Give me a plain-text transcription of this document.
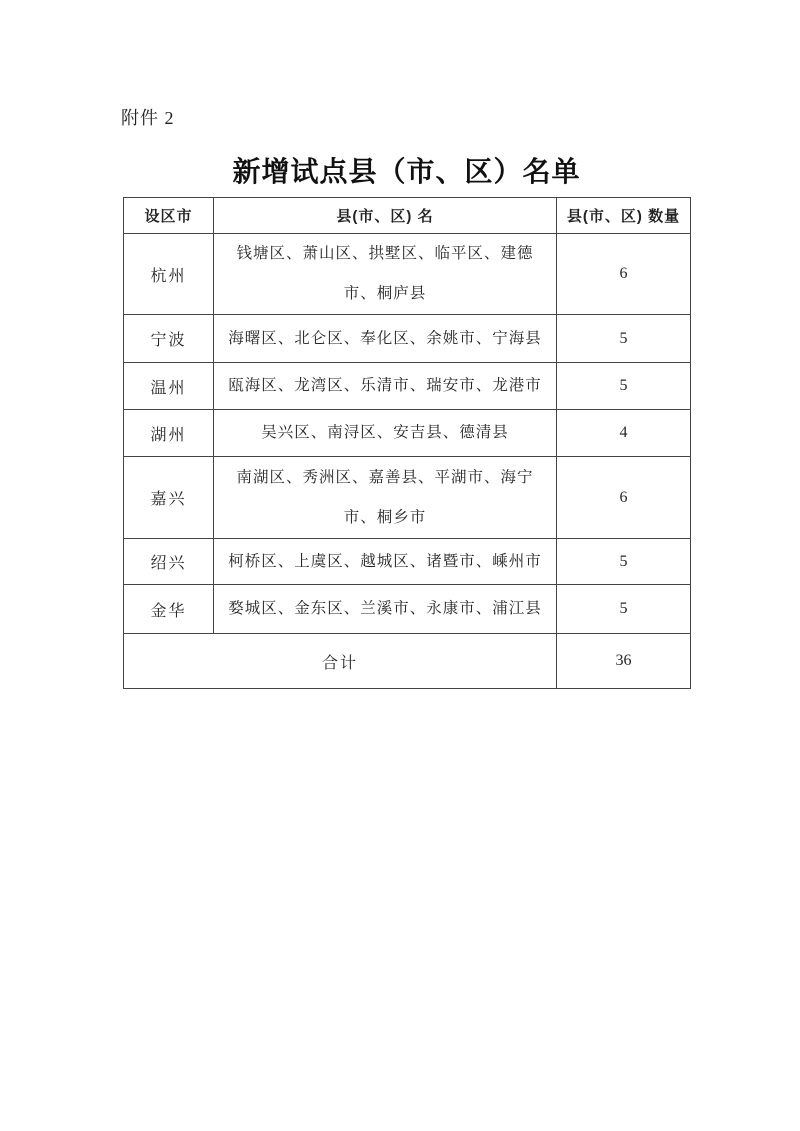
附件 2
新增试点县（市、区）名单
设区市	县(市、区) 名	县(市、区) 数量
杭州	钱塘区、萧山区、拱墅区、临平区、建德市、桐庐县	6
宁波	海曙区、北仑区、奉化区、余姚市、宁海县	5
温州	瓯海区、龙湾区、乐清市、瑞安市、龙港市	5
湖州	吴兴区、南浔区、安吉县、德清县	4
嘉兴	南湖区、秀洲区、嘉善县、平湖市、海宁市、桐乡市	6
绍兴	柯桥区、上虞区、越城区、诸暨市、嵊州市	5
金华	婺城区、金东区、兰溪市、永康市、浦江县	5
合计		36
